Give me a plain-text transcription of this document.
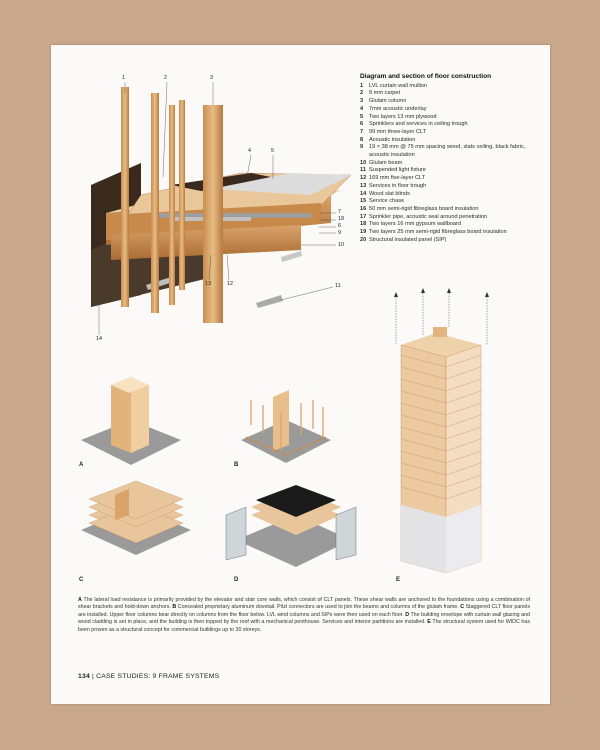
1	2	3
4	5
7
18
6
9
10
12
13	11
14
Diagram and section of floor construction
1	LVL curtain wall mullion
2	9 mm carpet
3	Glulam column
4	7mm acoustic underlay
5	Two layers 13 mm plywood
6	Sprinklers and services in ceiling trough
7	99 mm three-layer CLT
8	Acoustic insulation
9	19 × 38 mm @ 75 mm spacing wood, slats ceiling, black fabric, acoustic insulation
10 Glulam beam
11 Suspended light fixture
12 169 mm five-layer CLT
13 Services in floor trough
14 Wood slat blinds
15 Service chase
16 50 mm semi-rigid fibreglass board insulation
17 Sprinkler pipe, acoustic seal around penetration
18 Two layers 16 mm gypsum wallboard
19 Two layers 25 mm semi-rigid fibreglass board insulation
20 Structural insulated panel (SIP)
A	B
C	D	E
A The lateral load resistance is primarily provided by the elevator and stair core walls, which consist of CLT panels. These shear walls are anchored to the foundations using a combination of shear brackets and hold-down anchors. B Concealed proprietary aluminum dovetail. Pitzl connectors are used to join the beams and columns of the glulam frame. C Staggered CLT floor panels are installed. Upper floor columns bear directly on columns from the floor below. LVL wind columns and SIPs were then used on each floor. D The building envelope with curtain wall glazing and wood cladding is set in place, and the building is then topped by the roof with a mechanical penthouse. Services and interior partitions are installed. E The structural system used for WIDC has been proven as a structural concept for commercial buildings up to 30 storeys.
134 | CASE STUDIES: 9 FRAME SYSTEMS
